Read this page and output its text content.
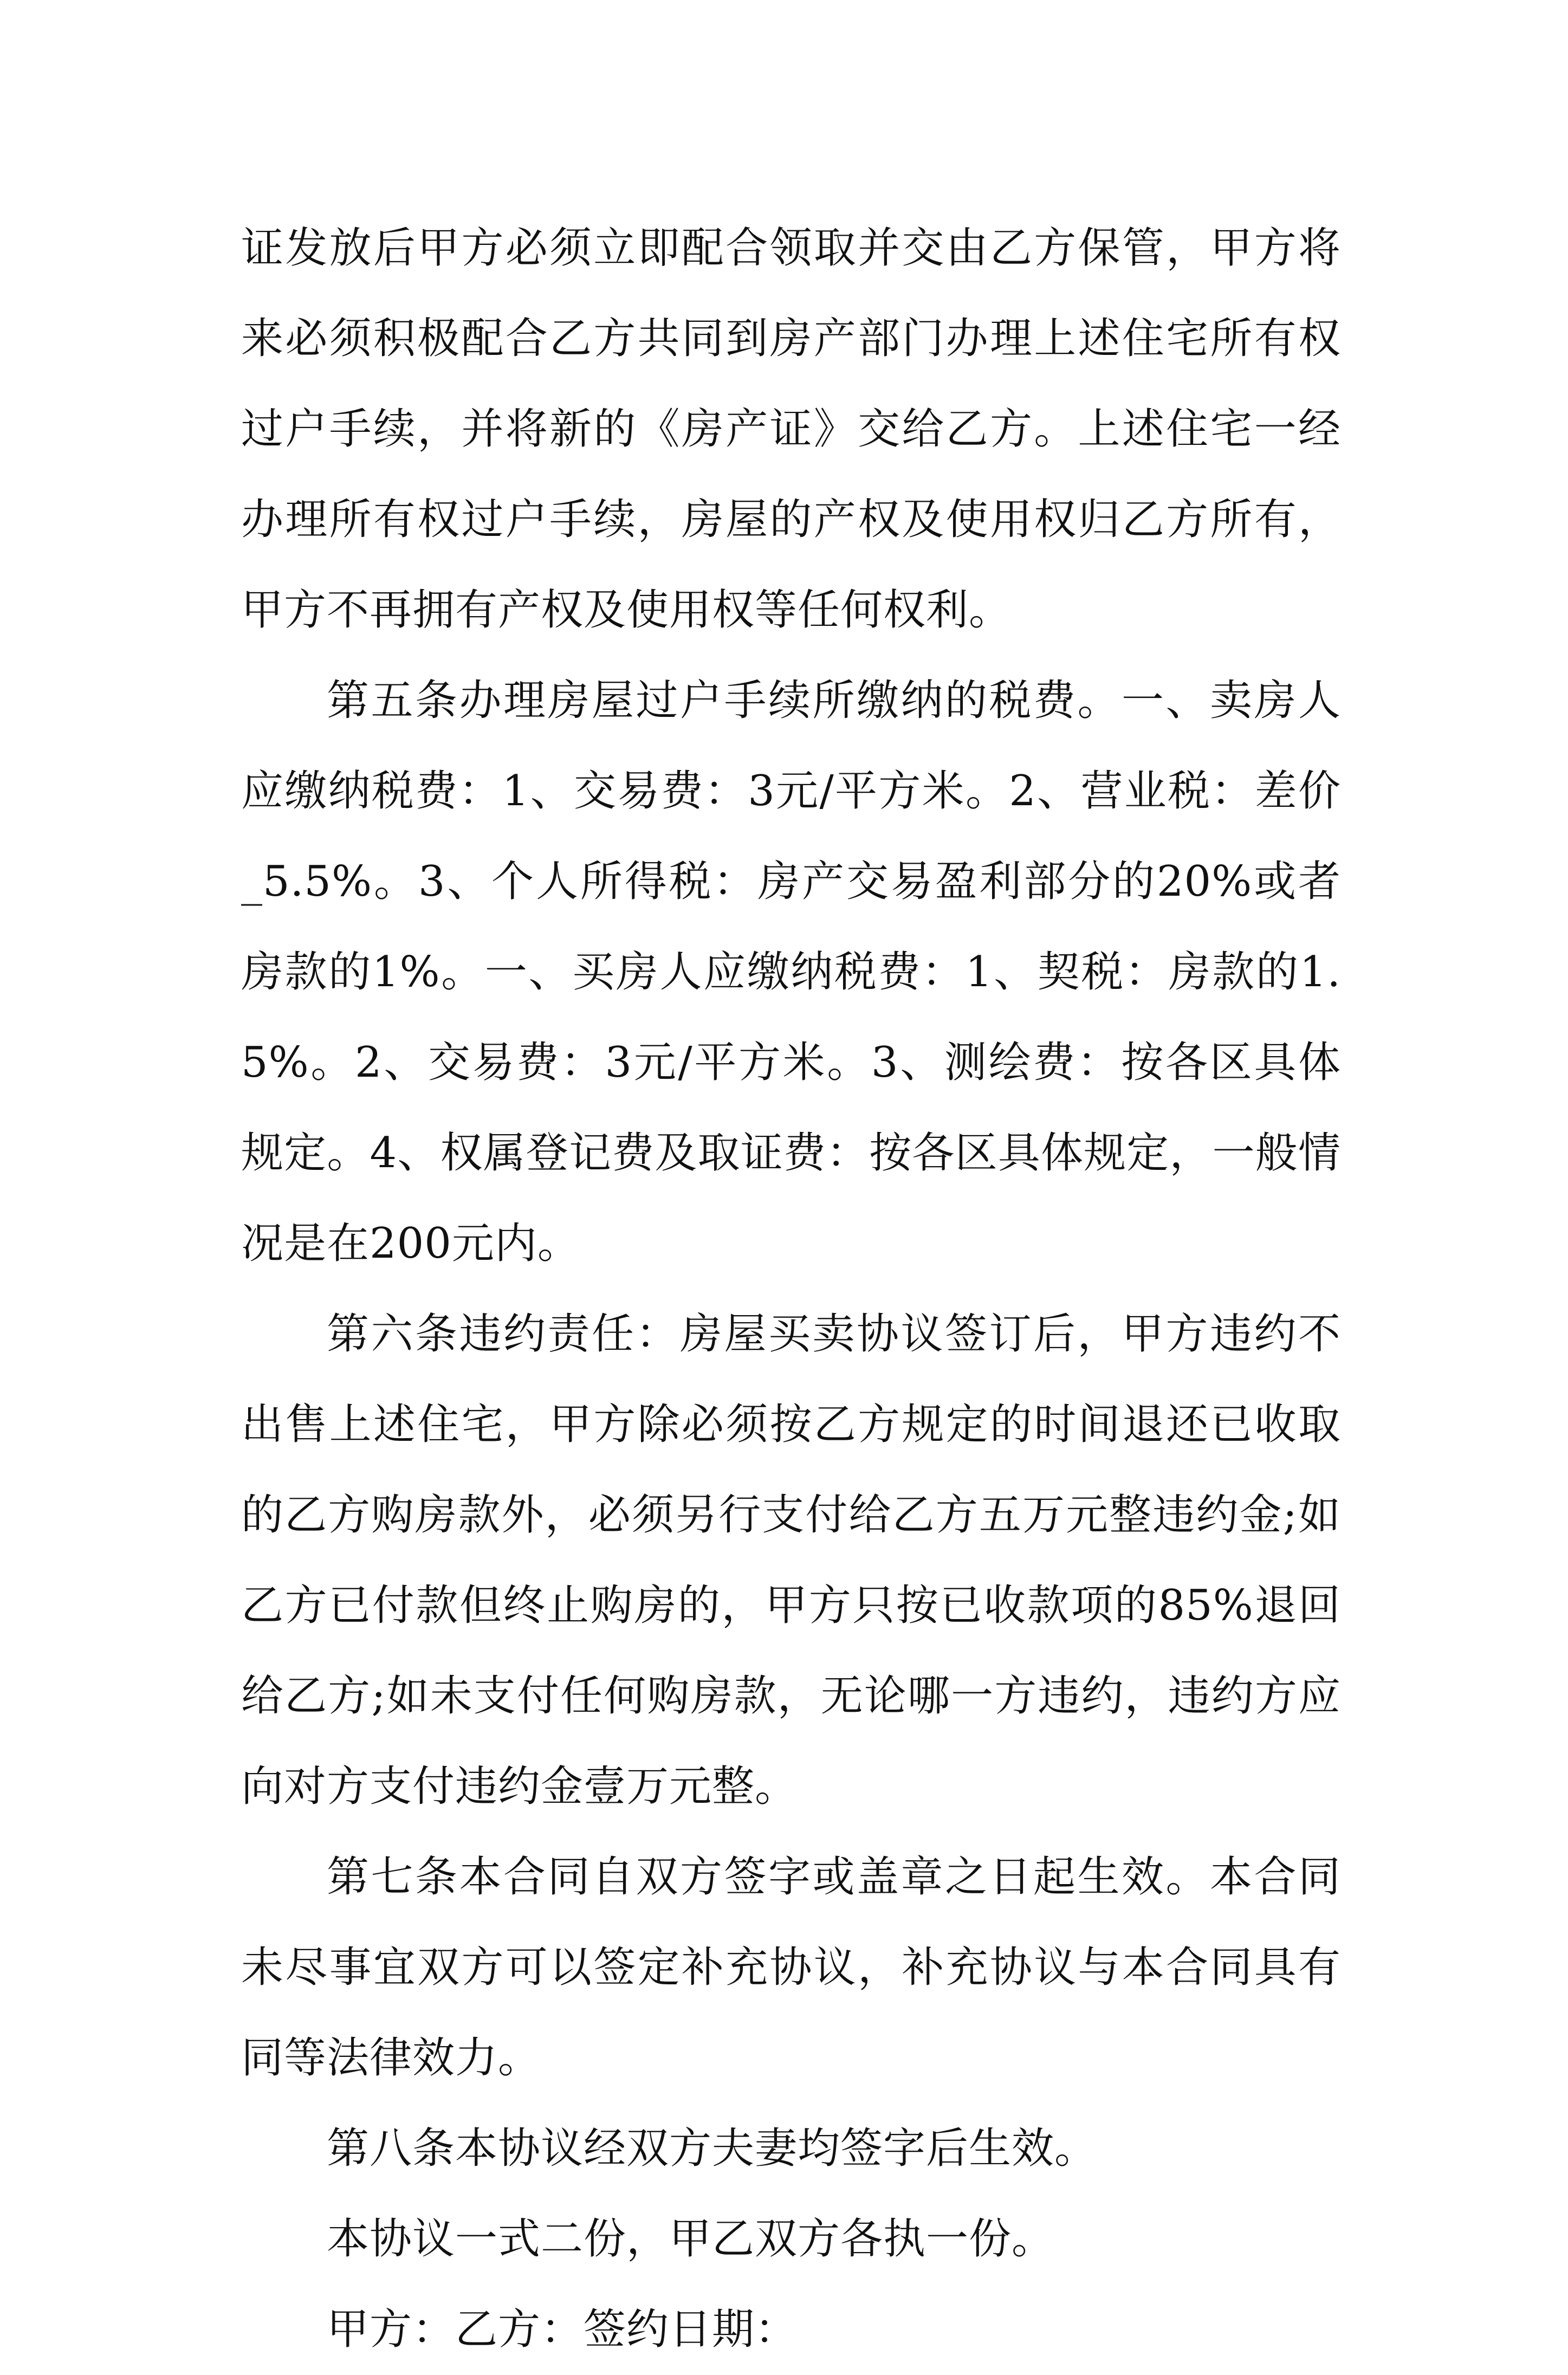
证发放后甲方必须立即配合领取并交由乙方保管，甲方将来必须积极配合乙方共同到房产部门办理上述住宅所有权过户手续，并将新的《房产证》交给乙方。上述住宅一经办理所有权过户手续，房屋的产权及使用权归乙方所有，甲方不再拥有产权及使用权等任何权利。

第五条办理房屋过户手续所缴纳的税费。一、卖房人应缴纳税费：1、交易费：3元/平方米。2、营业税：差价_5.5%。3、个人所得税：房产交易盈利部分的20%或者房款的1%。一、买房人应缴纳税费：1、契税：房款的1.5%。2、交易费：3元/平方米。3、测绘费：按各区具体规定。4、权属登记费及取证费：按各区具体规定，一般情况是在200元内。

第六条违约责任：房屋买卖协议签订后，甲方违约不出售上述住宅，甲方除必须按乙方规定的时间退还已收取的乙方购房款外，必须另行支付给乙方五万元整违约金;如乙方已付款但终止购房的，甲方只按已收款项的85%退回给乙方;如未支付任何购房款，无论哪一方违约，违约方应向对方支付违约金壹万元整。

第七条本合同自双方签字或盖章之日起生效。本合同未尽事宜双方可以签定补充协议，补充协议与本合同具有同等法律效力。

第八条本协议经双方夫妻均签字后生效。

本协议一式二份，甲乙双方各执一份。

甲方：乙方：签约日期：
